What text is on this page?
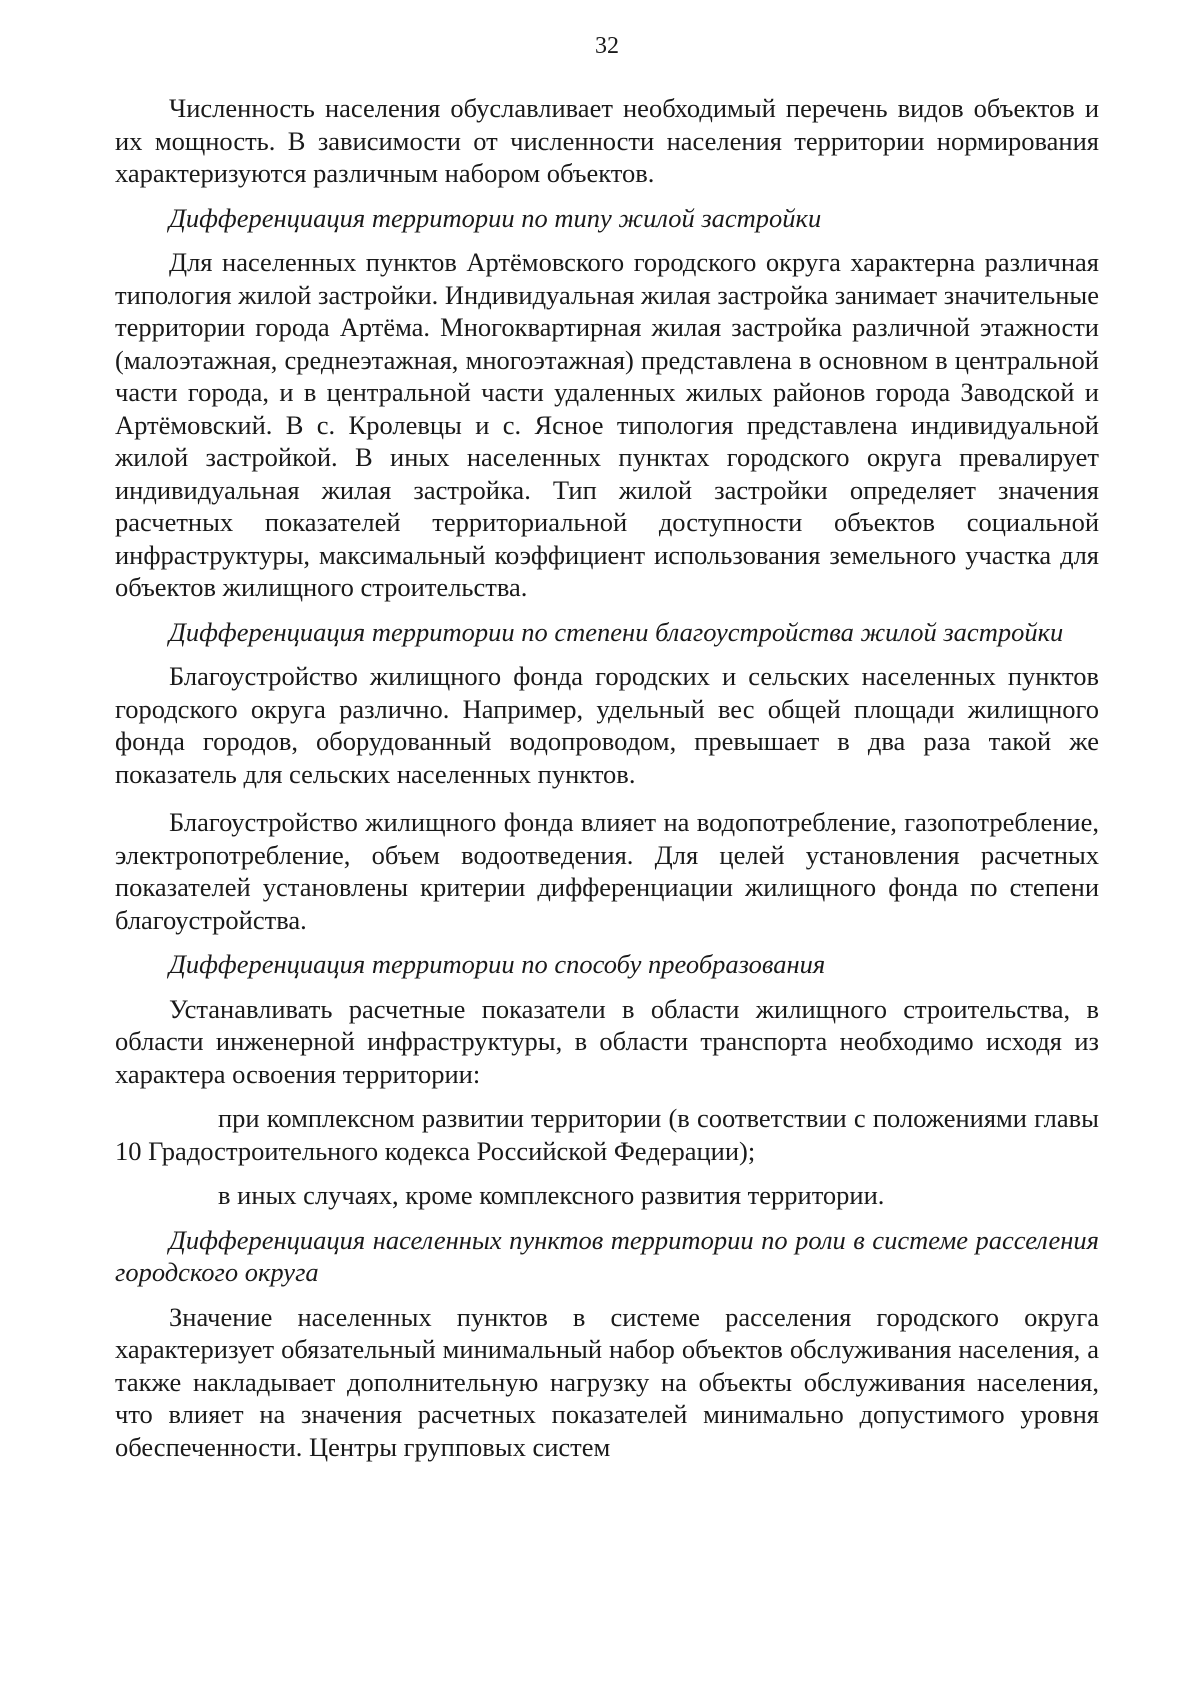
32

Численность населения обуславливает необходимый перечень видов объектов и их мощность. В зависимости от численности населения территории нормирования характеризуются различным набором объектов.

Дифференциация территории по типу жилой застройки

Для населенных пунктов Артёмовского городского округа характерна различная типология жилой застройки. Индивидуальная жилая застройка занимает значительные территории города Артёма. Многоквартирная жилая застройка различной этажности (малоэтажная, среднеэтажная, многоэтажная) представлена в основном в центральной части города, и в центральной части удаленных жилых районов города Заводской и Артёмовский. В с. Кролевцы и с. Ясное типология представлена индивидуальной жилой застройкой. В иных населенных пунктах городского округа превалирует индивидуальная жилая застройка. Тип жилой застройки определяет значения расчетных показателей территориальной доступности объектов социальной инфраструктуры, максимальный коэффициент использования земельного участка для объектов жилищного строительства.

Дифференциация территории по степени благоустройства жилой застройки

Благоустройство жилищного фонда городских и сельских населенных пунктов городского округа различно. Например, удельный вес общей площади жилищного фонда городов, оборудованный водопроводом, превышает в два раза такой же показатель для сельских населенных пунктов.

Благоустройство жилищного фонда влияет на водопотребление, газопотребление, электропотребление, объем водоотведения. Для целей установления расчетных показателей установлены критерии дифференциации жилищного фонда по степени благоустройства.

Дифференциация территории по способу преобразования

Устанавливать расчетные показатели в области жилищного строительства, в области инженерной инфраструктуры, в области транспорта необходимо исходя из характера освоения территории:

при комплексном развитии территории (в соответствии с положениями главы 10 Градостроительного кодекса Российской Федерации);

в иных случаях, кроме комплексного развития территории.

Дифференциация населенных пунктов территории по роли в системе расселения городского округа

Значение населенных пунктов в системе расселения городского округа характеризует обязательный минимальный набор объектов обслуживания населения, а также накладывает дополнительную нагрузку на объекты обслуживания населения, что влияет на значения расчетных показателей минимально допустимого уровня обеспеченности. Центры групповых систем
